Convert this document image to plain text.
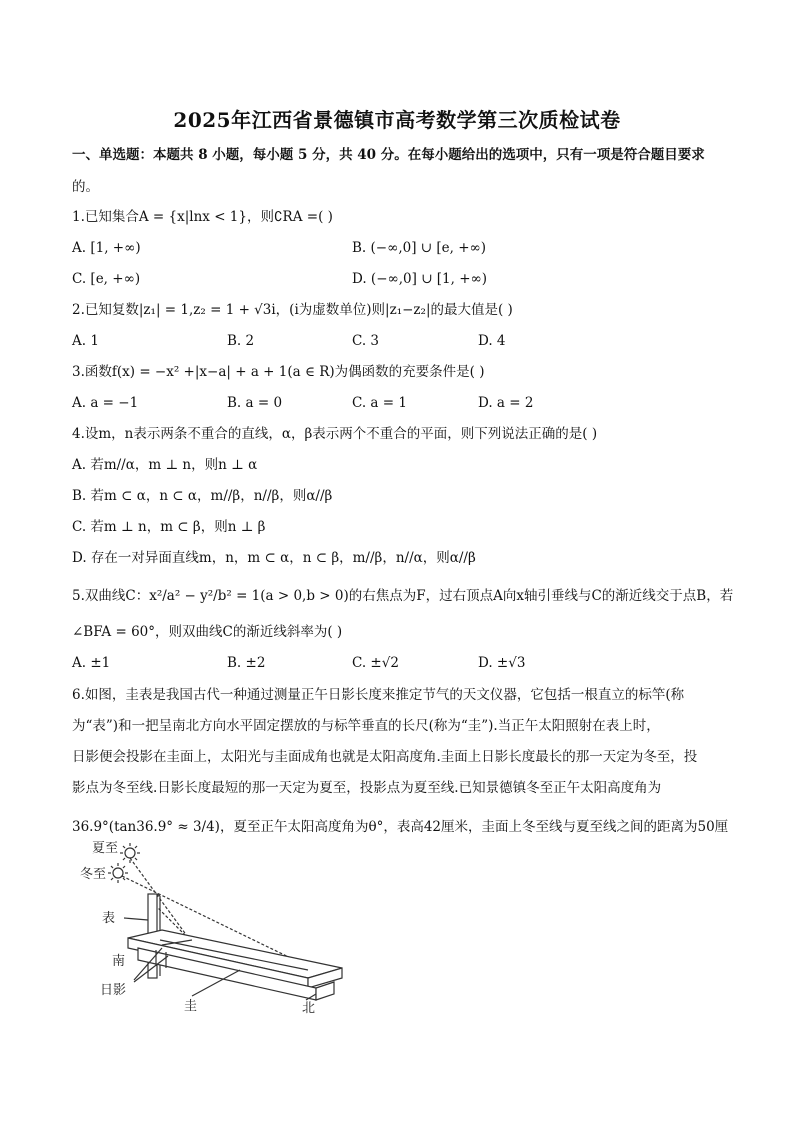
2025年江西省景德镇市高考数学第三次质检试卷
一、单选题：本题共 8 小题，每小题 5 分，共 40 分。在每小题给出的选项中，只有一项是符合题目要求
的。
1.已知集合A = {x|lnx < 1}，则∁RA =( )
A. [1, +∞)	B. (−∞,0] ∪ [e, +∞)
C. [e, +∞)	D. (−∞,0] ∪ [1, +∞)
2.已知复数|z₁| = 1,z₂ = 1 + √3i，(i为虚数单位)则|z₁−z₂|的最大值是( )
A. 1	B. 2	C. 3	D. 4
3.函数f(x) = −x² +|x−a| + a + 1(a ∈ R)为偶函数的充要条件是( )
A. a = −1	B. a = 0	C. a = 1	D. a = 2
4.设m，n表示两条不重合的直线，α，β表示两个不重合的平面，则下列说法正确的是( )
A. 若m//α，m ⊥ n，则n ⊥ α
B. 若m ⊂ α，n ⊂ α，m//β，n//β，则α//β
C. 若m ⊥ n，m ⊂ β，则n ⊥ β
D. 存在一对异面直线m，n，m ⊂ α，n ⊂ β，m//β，n//α，则α//β
5.双曲线C：x²/a² − y²/b² = 1(a > 0,b > 0)的右焦点为F，过右顶点A向x轴引垂线与C的渐近线交于点B，若
∠BFA = 60°，则双曲线C的渐近线斜率为( )
A. ±1	B. ±2	C. ±√2	D. ±√3
6.如图，圭表是我国古代一种通过测量正午日影长度来推定节气的天文仪器，它包括一根直立的标竿(称
为“表”)和一把呈南北方向水平固定摆放的与标竿垂直的长尺(称为“圭”).当正午太阳照射在表上时，
日影便会投影在圭面上，太阳光与圭面成角也就是太阳高度角.圭面上日影长度最长的那一天定为冬至，投
影点为冬至线.日影长度最短的那一天定为夏至，投影点为夏至线.已知景德镇冬至正午太阳高度角为
36.9°(tan36.9° ≈ 3/4)，夏至正午太阳高度角为θ°，表高42厘米，圭面上冬至线与夏至线之间的距离为50厘
夏至
冬至
表
南
日影
圭	北
